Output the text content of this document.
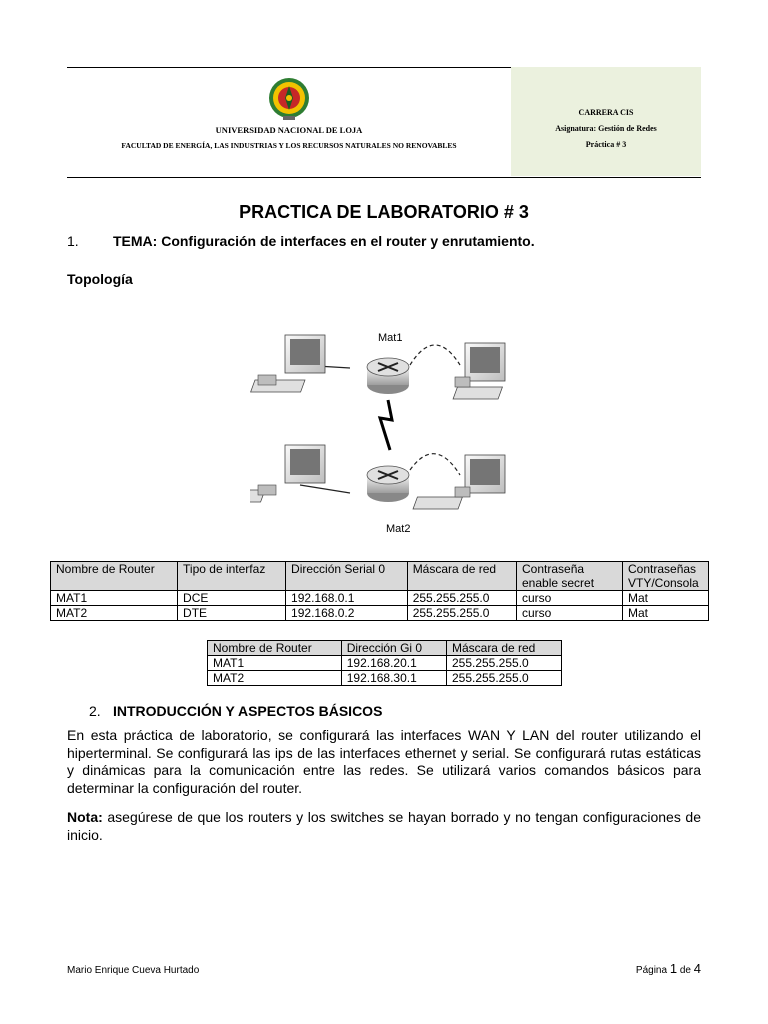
UNIVERSIDAD NACIONAL DE LOJA
FACULTAD DE ENERGÍA, LAS INDUSTRIAS Y LOS RECURSOS NATURALES NO RENOVABLES
CARRERA CIS
Asignatura: Gestión de Redes
Práctica # 3
PRACTICA DE LABORATORIO # 3
1. TEMA: Configuración de interfaces en el router y enrutamiento.
Topología
Mat1
Mat2
Nombre de Router	Tipo de interfaz	Dirección Serial 0	Máscara de red	Contraseña enable secret	Contraseñas VTY/Consola
MAT1	DCE	192.168.0.1	255.255.255.0	curso	Mat
MAT2	DTE	192.168.0.2	255.255.255.0	curso	Mat
Nombre de Router	Dirección Gi 0	Máscara de red
MAT1	192.168.20.1	255.255.255.0
MAT2	192.168.30.1	255.255.255.0
2. INTRODUCCIÓN Y ASPECTOS BÁSICOS

En esta práctica de laboratorio, se configurará las interfaces WAN Y LAN del router utilizando el hiperterminal. Se configurará las ips de las interfaces ethernet y serial. Se configurará rutas estáticas y dinámicas para la comunicación entre las redes. Se utilizará varios comandos básicos para determinar la configuración del router.

Nota: asegúrese de que los routers y los switches se hayan borrado y no tengan configuraciones de inicio.

Mario Enrique Cueva Hurtado	Página 1 de 4
